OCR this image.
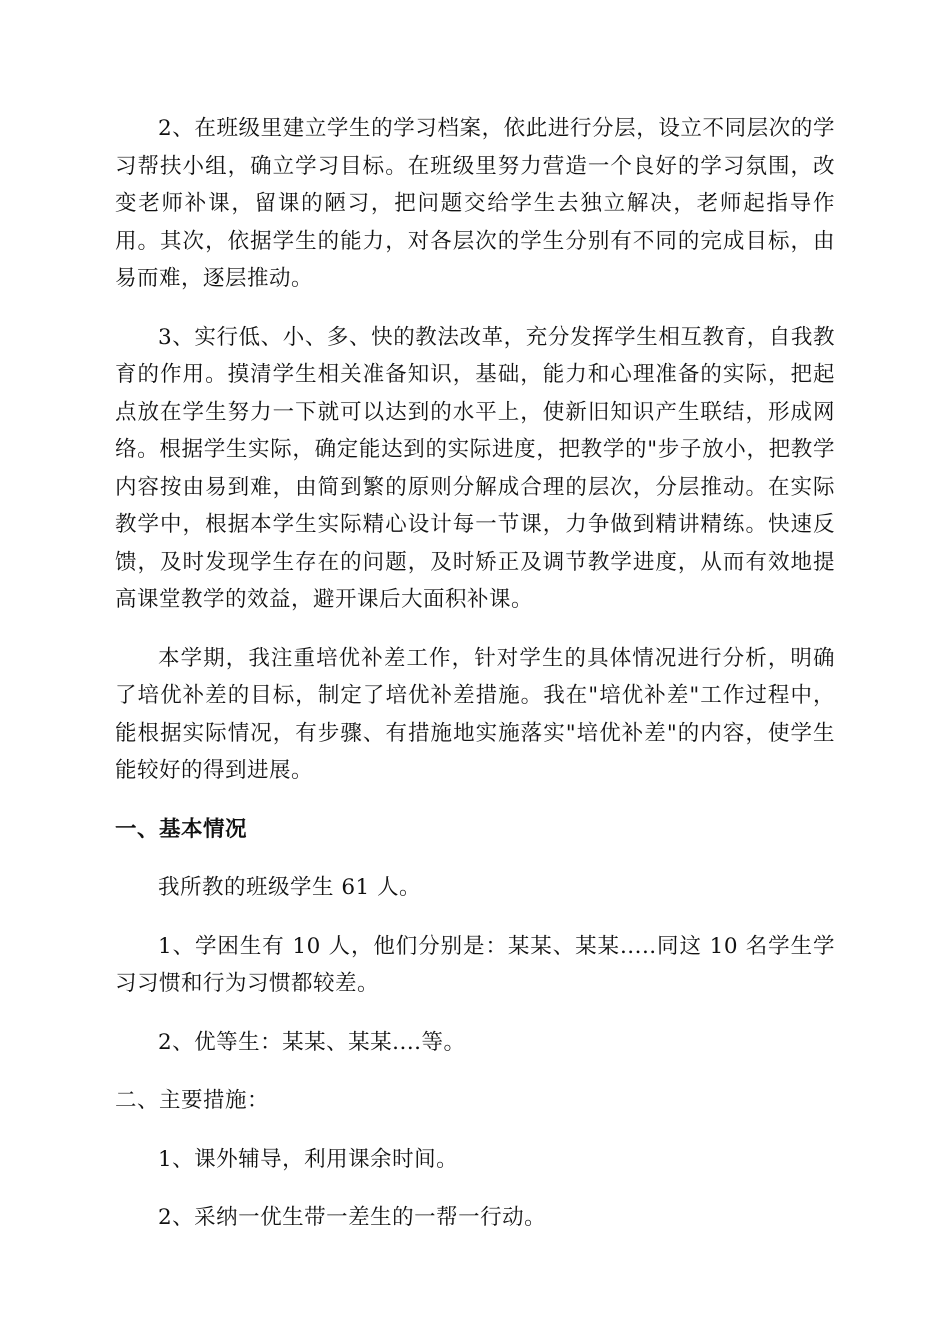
2、在班级里建立学生的学习档案，依此进行分层，设立不同层次的学习帮扶小组，确立学习目标。在班级里努力营造一个良好的学习氛围，改变老师补课，留课的陋习，把问题交给学生去独立解决，老师起指导作用。其次，依据学生的能力，对各层次的学生分别有不同的完成目标，由易而难，逐层推动。

3、实行低、小、多、快的教法改革，充分发挥学生相互教育，自我教育的作用。摸清学生相关准备知识，基础，能力和心理准备的实际，把起点放在学生努力一下就可以达到的水平上，使新旧知识产生联结，形成网络。根据学生实际，确定能达到的实际进度，把教学的"步子放小，把教学内容按由易到难，由简到繁的原则分解成合理的层次，分层推动。在实际教学中，根据本学生实际精心设计每一节课，力争做到精讲精练。快速反馈，及时发现学生存在的问题，及时矫正及调节教学进度，从而有效地提高课堂教学的效益，避开课后大面积补课。

本学期，我注重培优补差工作，针对学生的具体情况进行分析，明确了培优补差的目标，制定了培优补差措施。我在"培优补差"工作过程中，能根据实际情况，有步骤、有措施地实施落实"培优补差"的内容，使学生能较好的得到进展。

一、基本情况

我所教的班级学生 61 人。

1、学困生有 10 人，他们分别是：某某、某某.....同这 10 名学生学习习惯和行为习惯都较差。

2、优等生：某某、某某....等。

二、主要措施：

1、课外辅导，利用课余时间。

2、采纳一优生带一差生的一帮一行动。
